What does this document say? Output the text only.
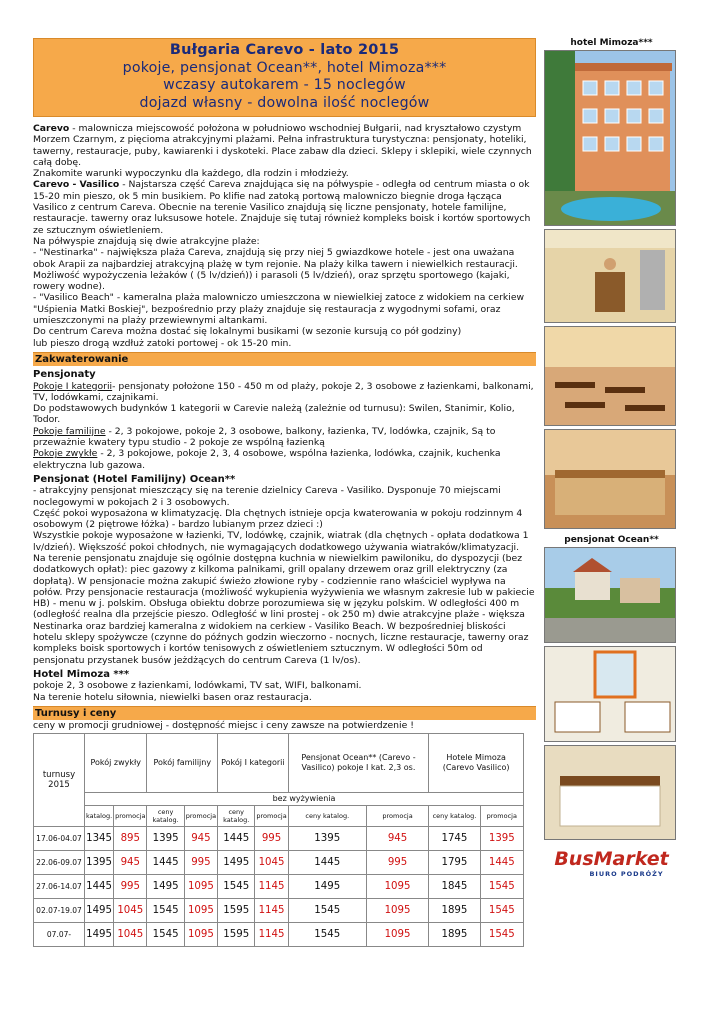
Bułgaria Carevo - lato 2015
pokoje, pensjonat Ocean**, hotel Mimoza***
wczasy autokarem - 15 noclegów
dojazd własny - dowolna ilość noclegów

Carevo - malownicza miejscowość położona w południowo wschodniej Bułgarii, nad kryształowo czystym Morzem Czarnym, z pięcioma atrakcyjnymi plażami. Pełna infrastruktura turystyczna: pensjonaty, hoteliki, tawerny, restauracje, puby, kawiarenki i dyskoteki. Place zabaw dla dzieci. Sklepy i sklepiki, wiele czynnych całą dobę.

Znakomite warunki wypoczynku dla każdego, dla rodzin i młodzieży.

Carevo - Vasilico - Najstarsza część Careva znajdująca się na półwyspie - odległa od centrum miasta o ok 15-20 min pieszo, ok 5 min busikiem. Po klifie nad zatoką portową malowniczo biegnie droga łącząca Vasilico z centrum Careva. Obecnie na terenie Vasilico znajdują się liczne pensjonaty, hotele familijne, restauracje. tawerny oraz luksusowe hotele. Znajduje się tutaj również kompleks boisk i kortów sportowych ze sztucznym oświetleniem.

Na półwyspie znajdują się dwie atrakcyjne plaże:

- "Nestinarka" - największa plaża Careva, znajdują się przy niej 5 gwiazdkowe hotele - jest ona uważana obok Arapii za najbardziej atrakcyjną plażę w tym rejonie. Na plaży kilka tawern i niewielkich restauracji. Możliwość wypożyczenia leżaków ( (5 lv/dzień)) i parasoli (5 lv/dzień), oraz sprzętu sportowego (kajaki, rowery wodne).

- "Vasilico Beach" - kameralna plaża malowniczo umieszczona w niewielkiej zatoce z widokiem na cerkiew "Uśpienia Matki Boskiej", bezpośrednio przy plaży znajduje się restauracja z wygodnymi sofami, oraz umieszczonymi na plaży przewiewnymi altankami.

Do centrum Careva można dostać się lokalnymi busikami (w sezonie kursują co pół godziny)

lub pieszo drogą wzdłuż zatoki portowej - ok 15-20 min.

Zakwaterowanie
Pensjonaty

Pokoje I kategorii- pensjonaty położone 150 - 450 m od plaży, pokoje 2, 3 osobowe z łazienkami, balkonami, TV, lodówkami, czajnikami.

Do podstawowych budynków 1 kategorii w Carevie należą (zależnie od turnusu): Swilen, Stanimir, Kolio, Todor.

Pokoje familijne - 2, 3 pokojowe, pokoje 2, 3 osobowe, balkony, łazienka, TV, lodówka, czajnik, Są to przeważnie kwatery typu studio - 2 pokoje ze wspólną łazienką

Pokoje zwykłe - 2, 3 pokojowe, pokoje 2, 3, 4 osobowe, wspólna łazienka, lodówka, czajnik, kuchenka elektryczna lub gazowa.

Pensjonat (Hotel Familijny) Ocean**

- atrakcyjny pensjonat mieszczący się na terenie dzielnicy Careva - Vasiliko. Dysponuje 70 miejscami noclegowymi w pokojach 2 i 3 osobowych.

Część pokoi wyposażona w klimatyzację. Dla chętnych istnieje opcja kwaterowania w pokoju rodzinnym 4 osobowym (2 piętrowe łóżka) - bardzo lubianym przez dzieci :)

Wszystkie pokoje wyposażone w łazienki, TV, lodówkę, czajnik, wiatrak (dla chętnych - opłata dodatkowa 1 lv/dzień). Większość pokoi chłodnych, nie wymagających dodatkowego używania wiatraków/klimatyzacji.

Na terenie pensjonatu znajduje się ogólnie dostępna kuchnia w niewielkim pawiloniku, do dyspozycji (bez dodatkowych opłat): piec gazowy z kilkoma palnikami, grill opalany drzewem oraz grill elektryczny (za dopłatą). W pensjonacie można zakupić świeżo złowione ryby - codziennie rano właściciel wypływa na połów. Przy pensjonacie restauracja (możliwość wykupienia wyżywienia we własnym zakresie lub w pakiecie HB) - menu w j. polskim. Obsługa obiektu dobrze porozumiewa się w języku polskim. W odległości 400 m (odległość realna dla przejście pieszo. Odległość w lini prostej - ok 250 m) dwie atrakcyjne plaże - większa Nestinarka oraz bardziej kameralna z widokiem na cerkiew - Vasiliko Beach. W bezpośredniej bliskości hotelu sklepy spożywcze (czynne do późnych godzin wieczorno - nocnych, liczne restauracje, tawerny oraz kompleks boisk sportowych i kortów tenisowych z oświetleniem sztucznym. W odległości 50m od pensjonatu przystanek busów jeżdżących do centrum Careva (1 lv/os).

Hotel Mimoza ***

pokoje 2, 3 osobowe z łazienkami, lodówkami, TV sat, WIFI, balkonami.

Na terenie hotelu siłownia, niewielki basen oraz restauracja.

Turnusy i ceny

ceny w promocji grudniowej - dostępność miejsc i ceny zawsze na potwierdzenie !

turnusy 2015	Pokój zwykły		Pokój familijny		Pokój I kategorii		Pensjonat Ocean** (Carevo -Vasilico) pokoje I kat. 2,3 os.		Hotele Mimoza (Carevo Vasilico)	
	bez wyżywienia									
	katalog.	promocja	ceny katalog.	promocja	ceny katalog.	promocja	ceny katalog.	promocja	ceny katalog.	promocja
17.06-04.07	1345	895	1395	945	1445	995	1395	945	1745	1395
22.06-09.07	1395	945	1445	995	1495	1045	1445	995	1795	1445
27.06-14.07	1445	995	1495	1095	1545	1145	1495	1095	1845	1545
02.07-19.07	1495	1045	1545	1095	1595	1145	1545	1095	1895	1545
07.07-	1495	1045	1545	1095	1595	1145	1545	1095	1895	1545
hotel Mimoza***
pensjonat Ocean**
BusMarket
BIURO PODRÓŻY
